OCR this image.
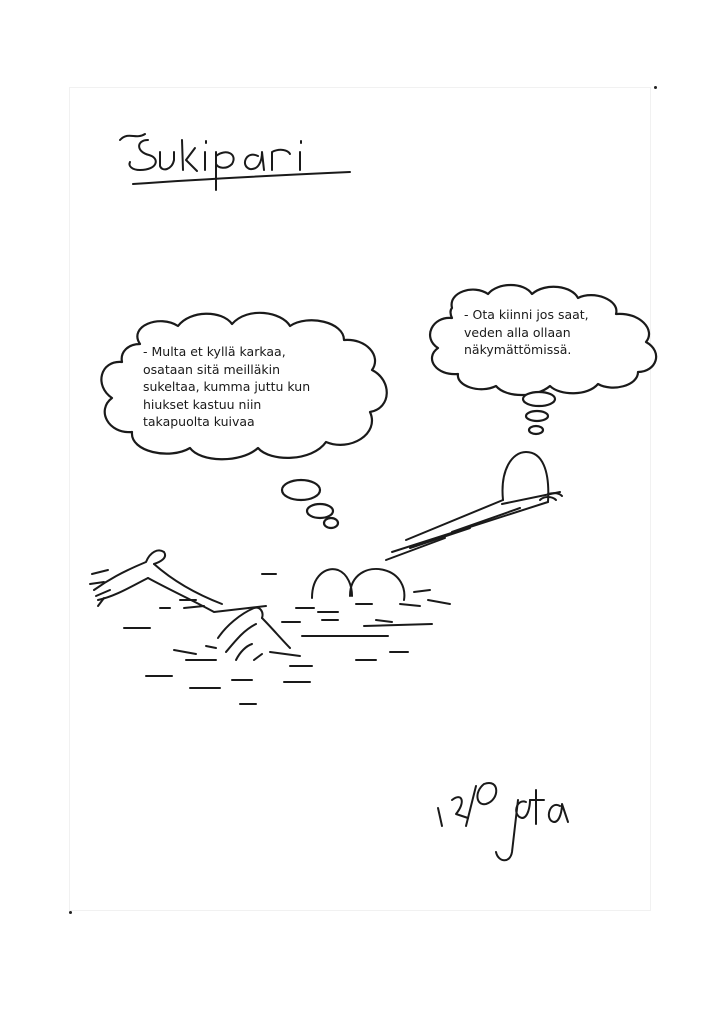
- Multa et kyllä karkaa,
osataan sitä meilläkin
sukeltaa, kumma juttu kun
hiukset kastuu niin
takapuolta kuivaa
- Ota kiinni jos saat,
veden alla ollaan
näkymättömissä.
